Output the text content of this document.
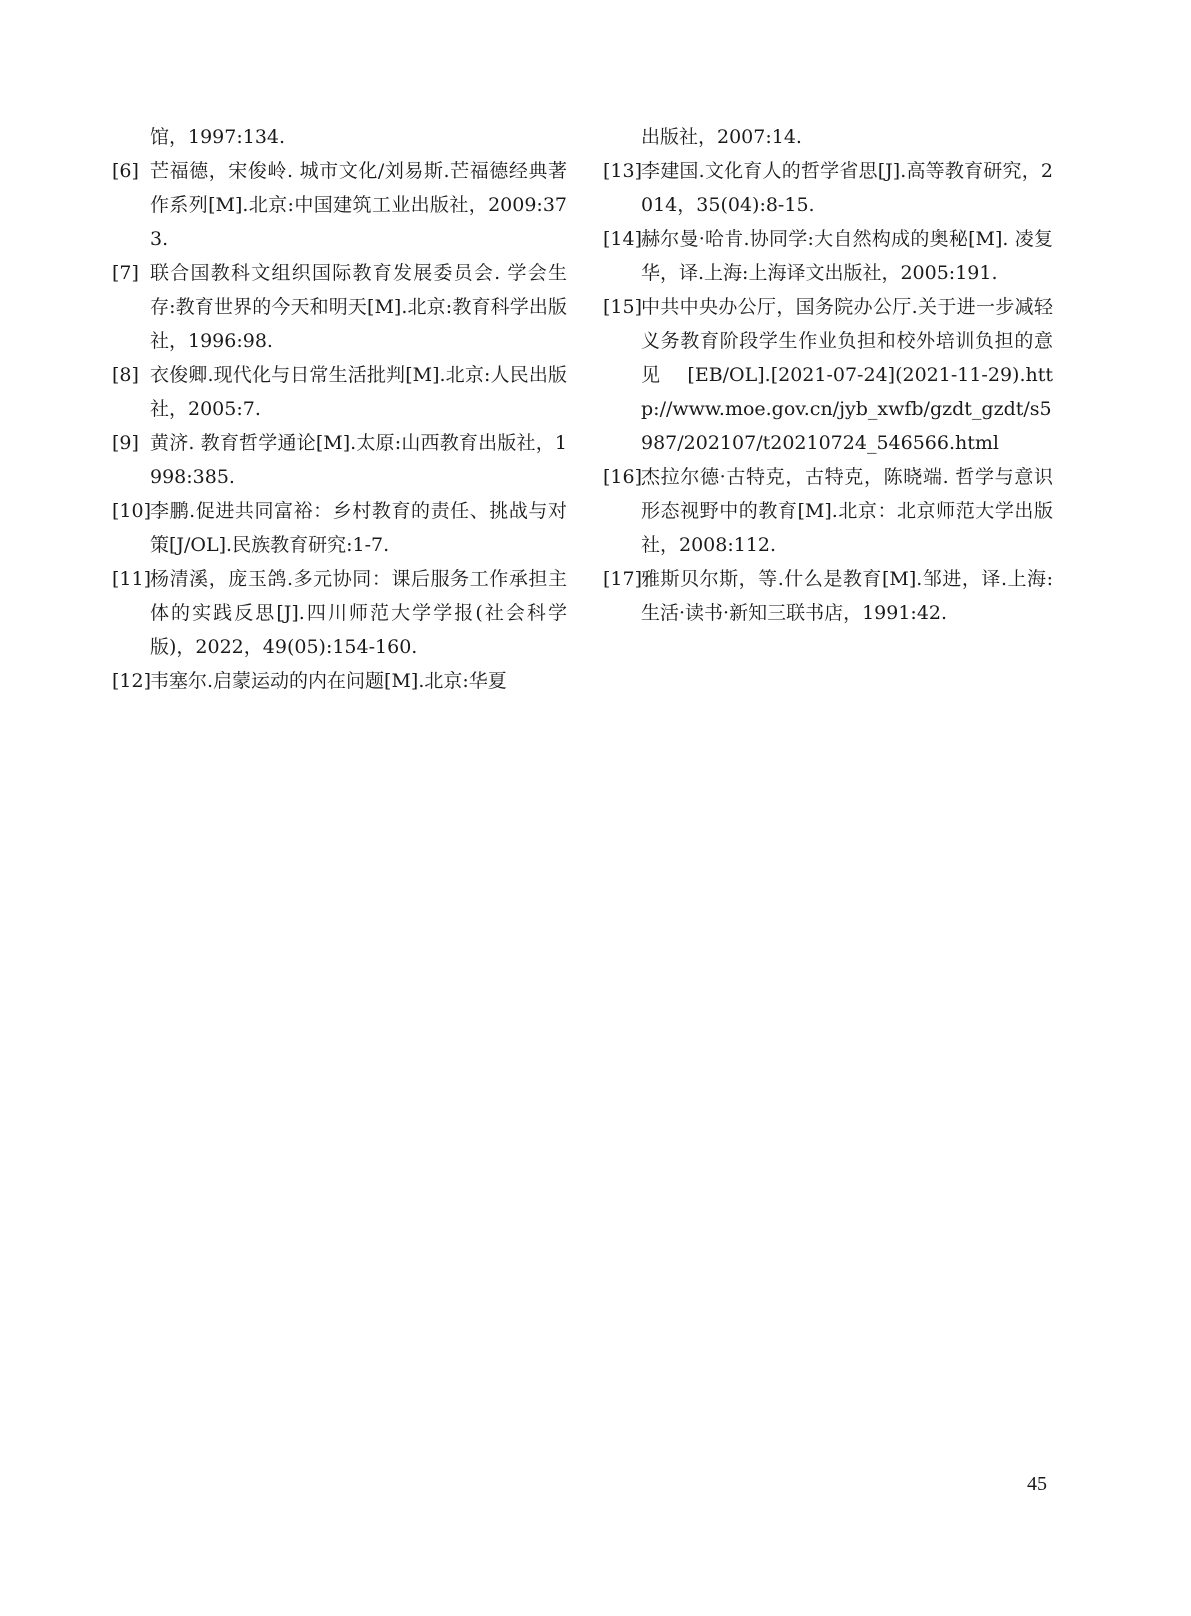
馆，1997:134.

[6] 芒福德，宋俊岭. 城市文化/刘易斯.芒福德经典著作系列[M].北京:中国建筑工业出版社，2009:373.

[7] 联合国教科文组织国际教育发展委员会. 学会生存:教育世界的今天和明天[M].北京:教育科学出版社，1996:98.

[8] 衣俊卿.现代化与日常生活批判[M].北京:人民出版社，2005:7.

[9] 黄济. 教育哲学通论[M].太原:山西教育出版社，1998:385.

[10]
李鹏.促进共同富裕：乡村教育的责任、挑战与对策[J/OL].民族教育研究:1-7.

[11]
杨清溪，庞玉鸽.多元协同：课后服务工作承担主体的实践反思[J].四川师范大学学报(社会科学版)，2022，49(05):154-160.

[12]
韦塞尔.启蒙运动的内在问题[M].北京:华夏

出版社，2007:14.

[13]
李建国.文化育人的哲学省思[J].高等教育研究，2014，35(04):8-15.

[14]
赫尔曼·哈肯.协同学:大自然构成的奥秘[M]. 凌复华，译.上海:上海译文出版社，2005:191.

[15]
中共中央办公厅，国务院办公厅.关于进一步减轻义务教育阶段学生作业负担和校外培训负担的意见[EB/OL].[2021-07-24](2021-11-29).http://www.moe.gov.cn/jyb_xwfb/gzdt_gzdt/s5987/202107/t20210724_546566.html

[16]
杰拉尔德·古特克，古特克，陈晓端. 哲学与意识形态视野中的教育[M].北京：北京师范大学出版社，2008:112.

[17]
雅斯贝尔斯，等.什么是教育[M].邹进，译.上海:生活·读书·新知三联书店，1991:42.

45
